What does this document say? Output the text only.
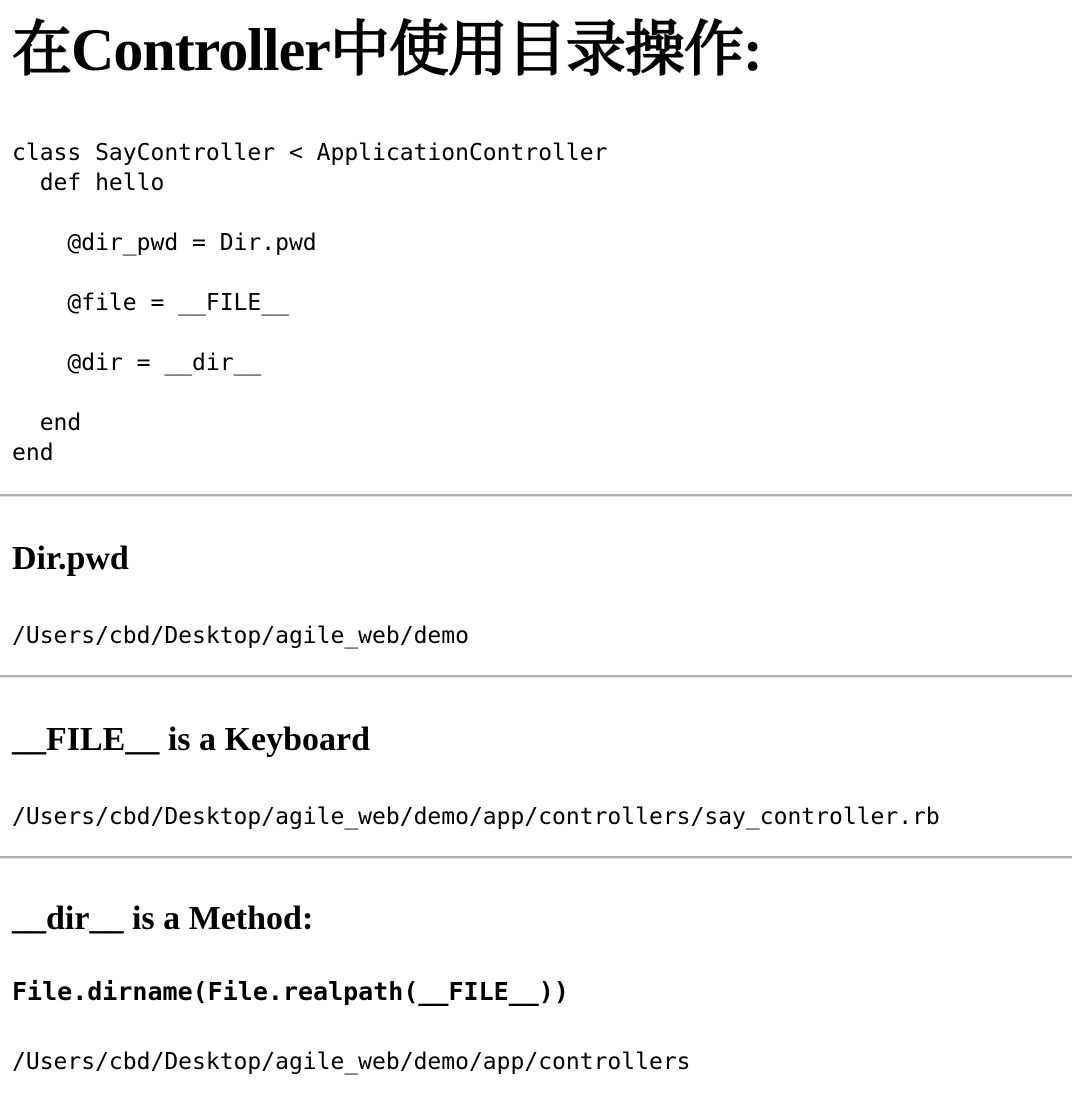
在Controller中使用目录操作:
class SayController < ApplicationController
def hello

@dir_pwd = Dir.pwd

@file = __FILE__

@dir = __dir__

end
end
Dir.pwd
/Users/cbd/Desktop/agile_web/demo
__FILE__ is a Keyboard
/Users/cbd/Desktop/agile_web/demo/app/controllers/say_controller.rb
__dir__ is a Method:
File.dirname(File.realpath(__FILE__))
/Users/cbd/Desktop/agile_web/demo/app/controllers
